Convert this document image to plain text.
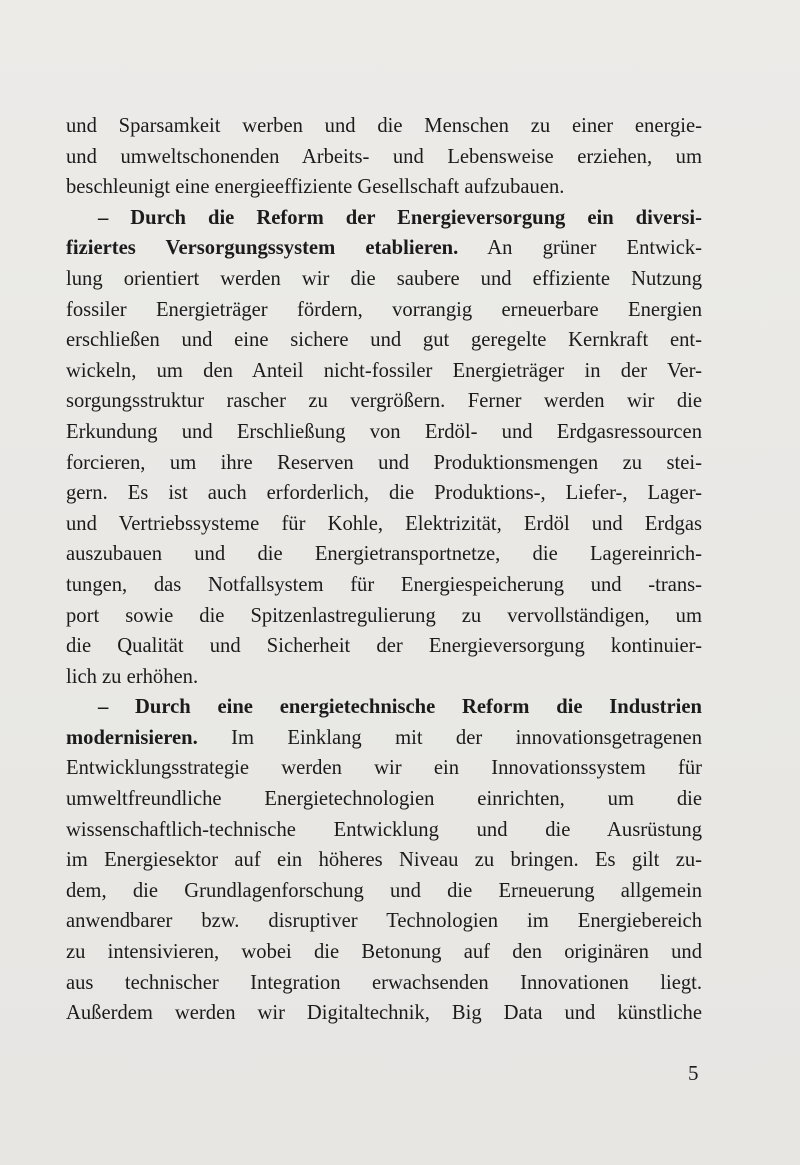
und Sparsamkeit werben und die Menschen zu einer energie-
und umweltschonenden Arbeits- und Lebensweise erziehen, um
beschleunigt eine energieeffiziente Gesellschaft aufzubauen.
– Durch die Reform der Energieversorgung ein diversi-
fiziertes Versorgungssystem etablieren. An grüner Entwick-
lung orientiert werden wir die saubere und effiziente Nutzung
fossiler Energieträger fördern, vorrangig erneuerbare Energien
erschließen und eine sichere und gut geregelte Kernkraft ent-
wickeln, um den Anteil nicht-fossiler Energieträger in der Ver-
sorgungsstruktur rascher zu vergrößern. Ferner werden wir die
Erkundung und Erschließung von Erdöl- und Erdgasressourcen
forcieren, um ihre Reserven und Produktionsmengen zu stei-
gern. Es ist auch erforderlich, die Produktions-, Liefer-, Lager-
und Vertriebssysteme für Kohle, Elektrizität, Erdöl und Erdgas
auszubauen und die Energietransportnetze, die Lagereinrich-
tungen, das Notfallsystem für Energiespeicherung und -trans-
port sowie die Spitzenlastregulierung zu vervollständigen, um
die Qualität und Sicherheit der Energieversorgung kontinuier-
lich zu erhöhen.
– Durch eine energietechnische Reform die Industrien
modernisieren. Im Einklang mit der innovationsgetragenen
Entwicklungsstrategie werden wir ein Innovationssystem für
umweltfreundliche Energietechnologien einrichten, um die
wissenschaftlich-technische Entwicklung und die Ausrüstung
im Energiesektor auf ein höheres Niveau zu bringen. Es gilt zu-
dem, die Grundlagenforschung und die Erneuerung allgemein
anwendbarer bzw. disruptiver Technologien im Energiebereich
zu intensivieren, wobei die Betonung auf den originären und
aus technischer Integration erwachsenden Innovationen liegt.
Außerdem werden wir Digitaltechnik, Big Data und künstliche
5
